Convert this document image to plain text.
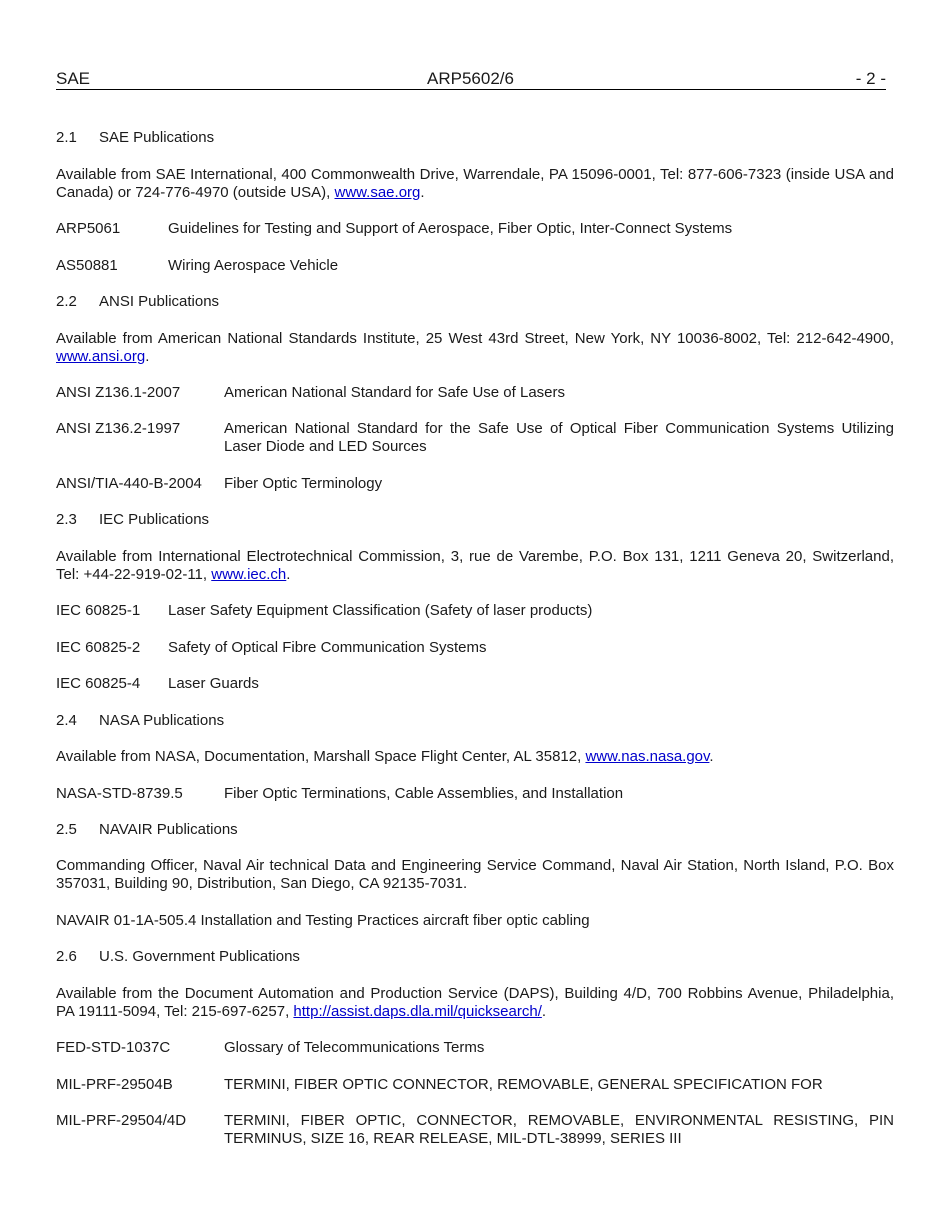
SAE	ARP5602/6	- 2 -
2.1 SAE Publications
Available from SAE International, 400 Commonwealth Drive, Warrendale, PA 15096-0001, Tel: 877-606-7323 (inside USA and Canada) or 724-776-4970 (outside USA), www.sae.org.
ARP5061	Guidelines for Testing and Support of Aerospace, Fiber Optic, Inter-Connect Systems
AS50881	Wiring Aerospace Vehicle
2.2 ANSI Publications
Available from American National Standards Institute, 25 West 43rd Street, New York, NY 10036-8002, Tel: 212-642-4900, www.ansi.org.
ANSI Z136.1-2007	American National Standard for Safe Use of Lasers
ANSI Z136.2-1997	American National Standard for the Safe Use of Optical Fiber Communication Systems Utilizing Laser Diode and LED Sources
ANSI/TIA-440-B-2004 Fiber Optic Terminology
2.3 IEC Publications
Available from International Electrotechnical Commission, 3, rue de Varembe, P.O. Box 131, 1211 Geneva 20, Switzerland, Tel: +44-22-919-02-11, www.iec.ch.
IEC 60825-1 Laser Safety Equipment Classification (Safety of laser products)
IEC 60825-2 Safety of Optical Fibre Communication Systems
IEC 60825-4 Laser Guards
2.4 NASA Publications
Available from NASA, Documentation, Marshall Space Flight Center, AL 35812, www.nas.nasa.gov.
NASA-STD-8739.5	Fiber Optic Terminations, Cable Assemblies, and Installation
2.5 NAVAIR Publications
Commanding Officer, Naval Air technical Data and Engineering Service Command, Naval Air Station, North Island, P.O. Box 357031, Building 90, Distribution, San Diego, CA 92135-7031.
NAVAIR 01-1A-505.4 Installation and Testing Practices aircraft fiber optic cabling
2.6 U.S. Government Publications
Available from the Document Automation and Production Service (DAPS), Building 4/D, 700 Robbins Avenue, Philadelphia, PA 19111-5094, Tel: 215-697-6257, http://assist.daps.dla.mil/quicksearch/.
FED-STD-1037C	Glossary of Telecommunications Terms
MIL-PRF-29504B	TERMINI, FIBER OPTIC CONNECTOR, REMOVABLE, GENERAL SPECIFICATION FOR
MIL-PRF-29504/4D	TERMINI, FIBER OPTIC, CONNECTOR, REMOVABLE, ENVIRONMENTAL RESISTING, PIN TERMINUS, SIZE 16, REAR RELEASE, MIL-DTL-38999, SERIES III
